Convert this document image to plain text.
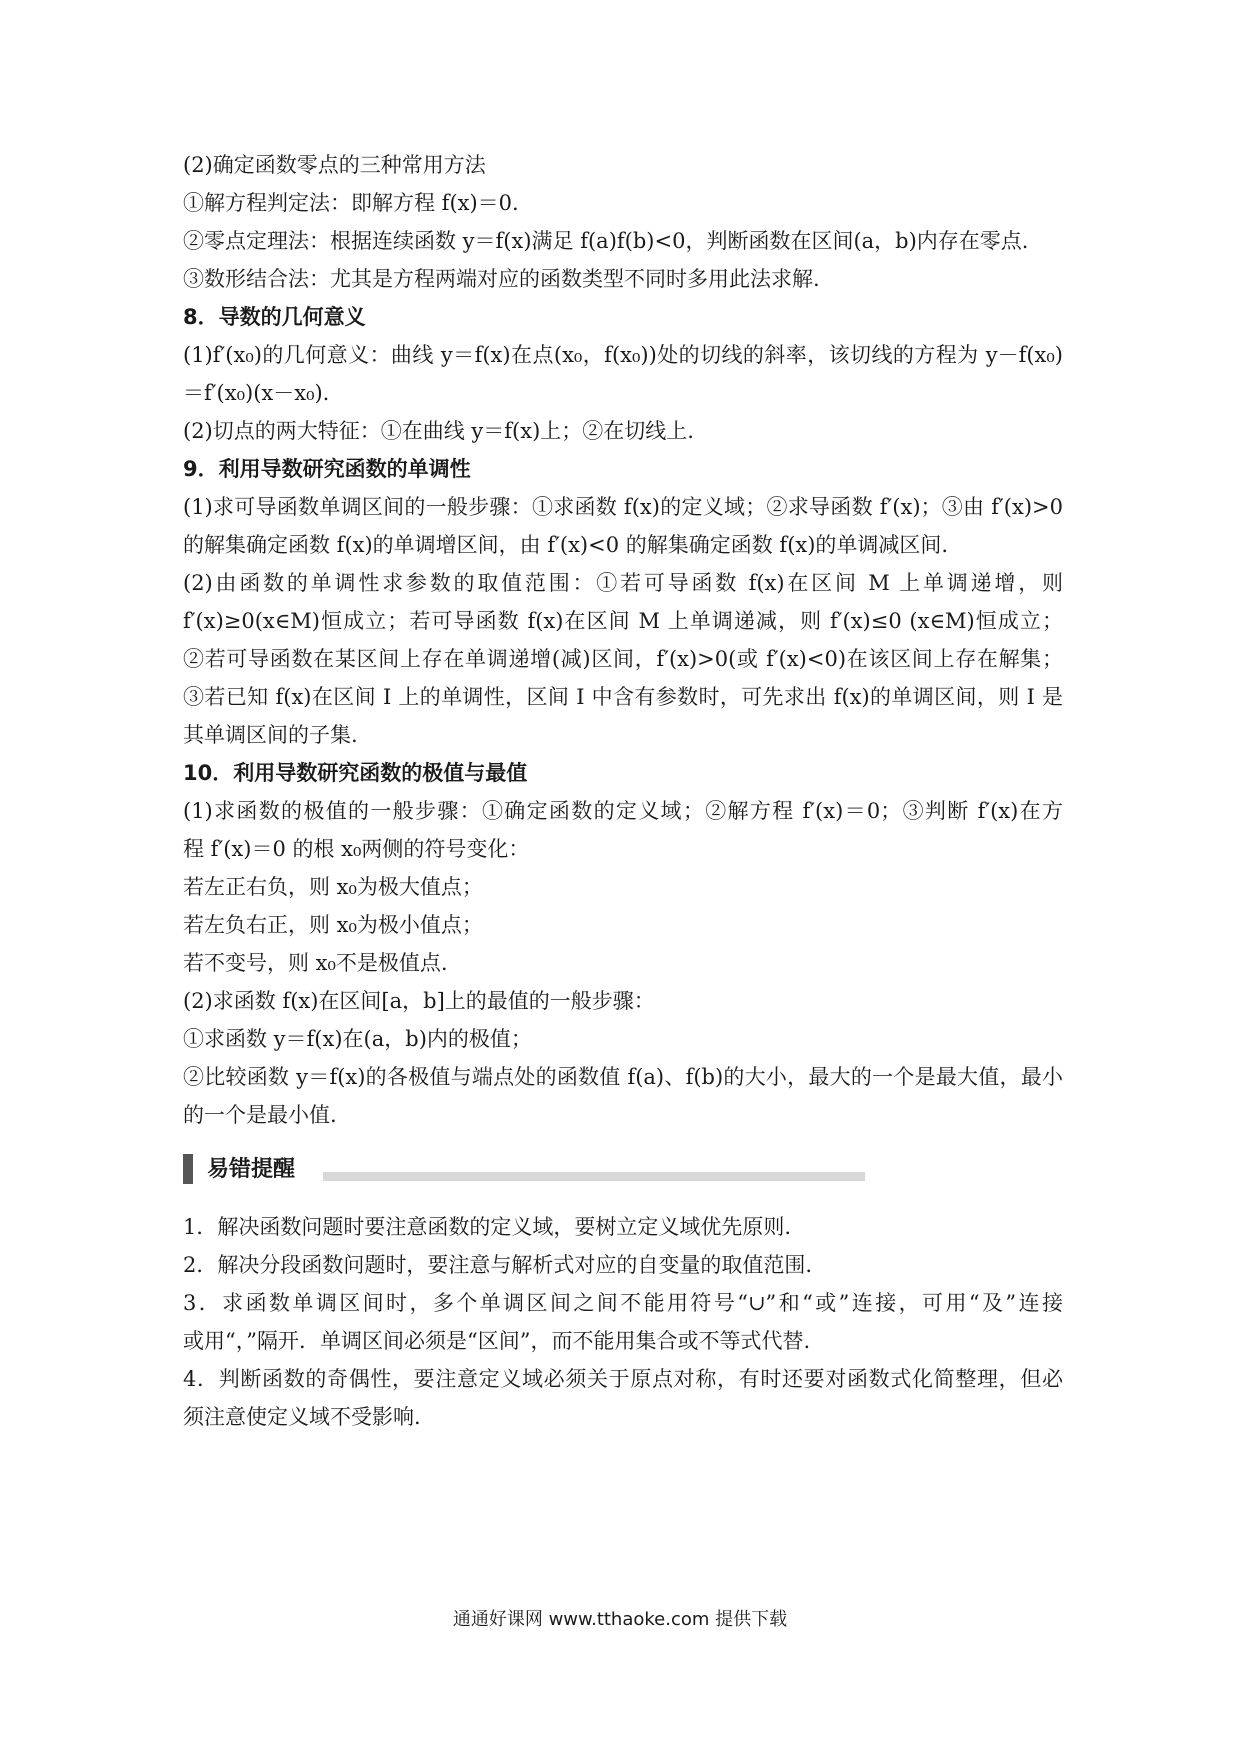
(2)确定函数零点的三种常用方法
①解方程判定法：即解方程 f(x)＝0.
②零点定理法：根据连续函数 y＝f(x)满足 f(a)f(b)<0，判断函数在区间(a，b)内存在零点.
③数形结合法：尤其是方程两端对应的函数类型不同时多用此法求解.
8．导数的几何意义
(1)f′(x₀)的几何意义：曲线 y＝f(x)在点(x₀，f(x₀))处的切线的斜率，该切线的方程为 y－f(x₀)
＝f′(x₀)(x－x₀).
(2)切点的两大特征：①在曲线 y＝f(x)上；②在切线上.
9．利用导数研究函数的单调性
(1)求可导函数单调区间的一般步骤：①求函数 f(x)的定义域；②求导函数 f′(x)；③由 f′(x)>0
的解集确定函数 f(x)的单调增区间，由 f′(x)<0 的解集确定函数 f(x)的单调减区间.
(2)由函数的单调性求参数的取值范围：①若可导函数 f(x)在区间 M 上单调递增，则
f′(x)≥0(x∈M)恒成立；若可导函数 f(x)在区间 M 上单调递减，则 f′(x)≤0 (x∈M)恒成立；
②若可导函数在某区间上存在单调递增(减)区间，f′(x)>0(或 f′(x)<0)在该区间上存在解集；
③若已知 f(x)在区间 I 上的单调性，区间 I 中含有参数时，可先求出 f(x)的单调区间，则 I 是
其单调区间的子集.
10．利用导数研究函数的极值与最值
(1)求函数的极值的一般步骤：①确定函数的定义域；②解方程 f′(x)＝0；③判断 f′(x)在方
程 f′(x)＝0 的根 x₀两侧的符号变化：
若左正右负，则 x₀为极大值点；
若左负右正，则 x₀为极小值点；
若不变号，则 x₀不是极值点.
(2)求函数 f(x)在区间[a，b]上的最值的一般步骤：
①求函数 y＝f(x)在(a，b)内的极值；
②比较函数 y＝f(x)的各极值与端点处的函数值 f(a)、f(b)的大小，最大的一个是最大值，最小
的一个是最小值.
易错提醒
1．解决函数问题时要注意函数的定义域，要树立定义域优先原则.
2．解决分段函数问题时，要注意与解析式对应的自变量的取值范围.
3．求函数单调区间时，多个单调区间之间不能用符号“∪”和“或”连接，可用“及”连接
或用“，”隔开．单调区间必须是“区间”，而不能用集合或不等式代替.
4．判断函数的奇偶性，要注意定义域必须关于原点对称，有时还要对函数式化简整理，但必
须注意使定义域不受影响.
通通好课网 www.tthaoke.com 提供下载
